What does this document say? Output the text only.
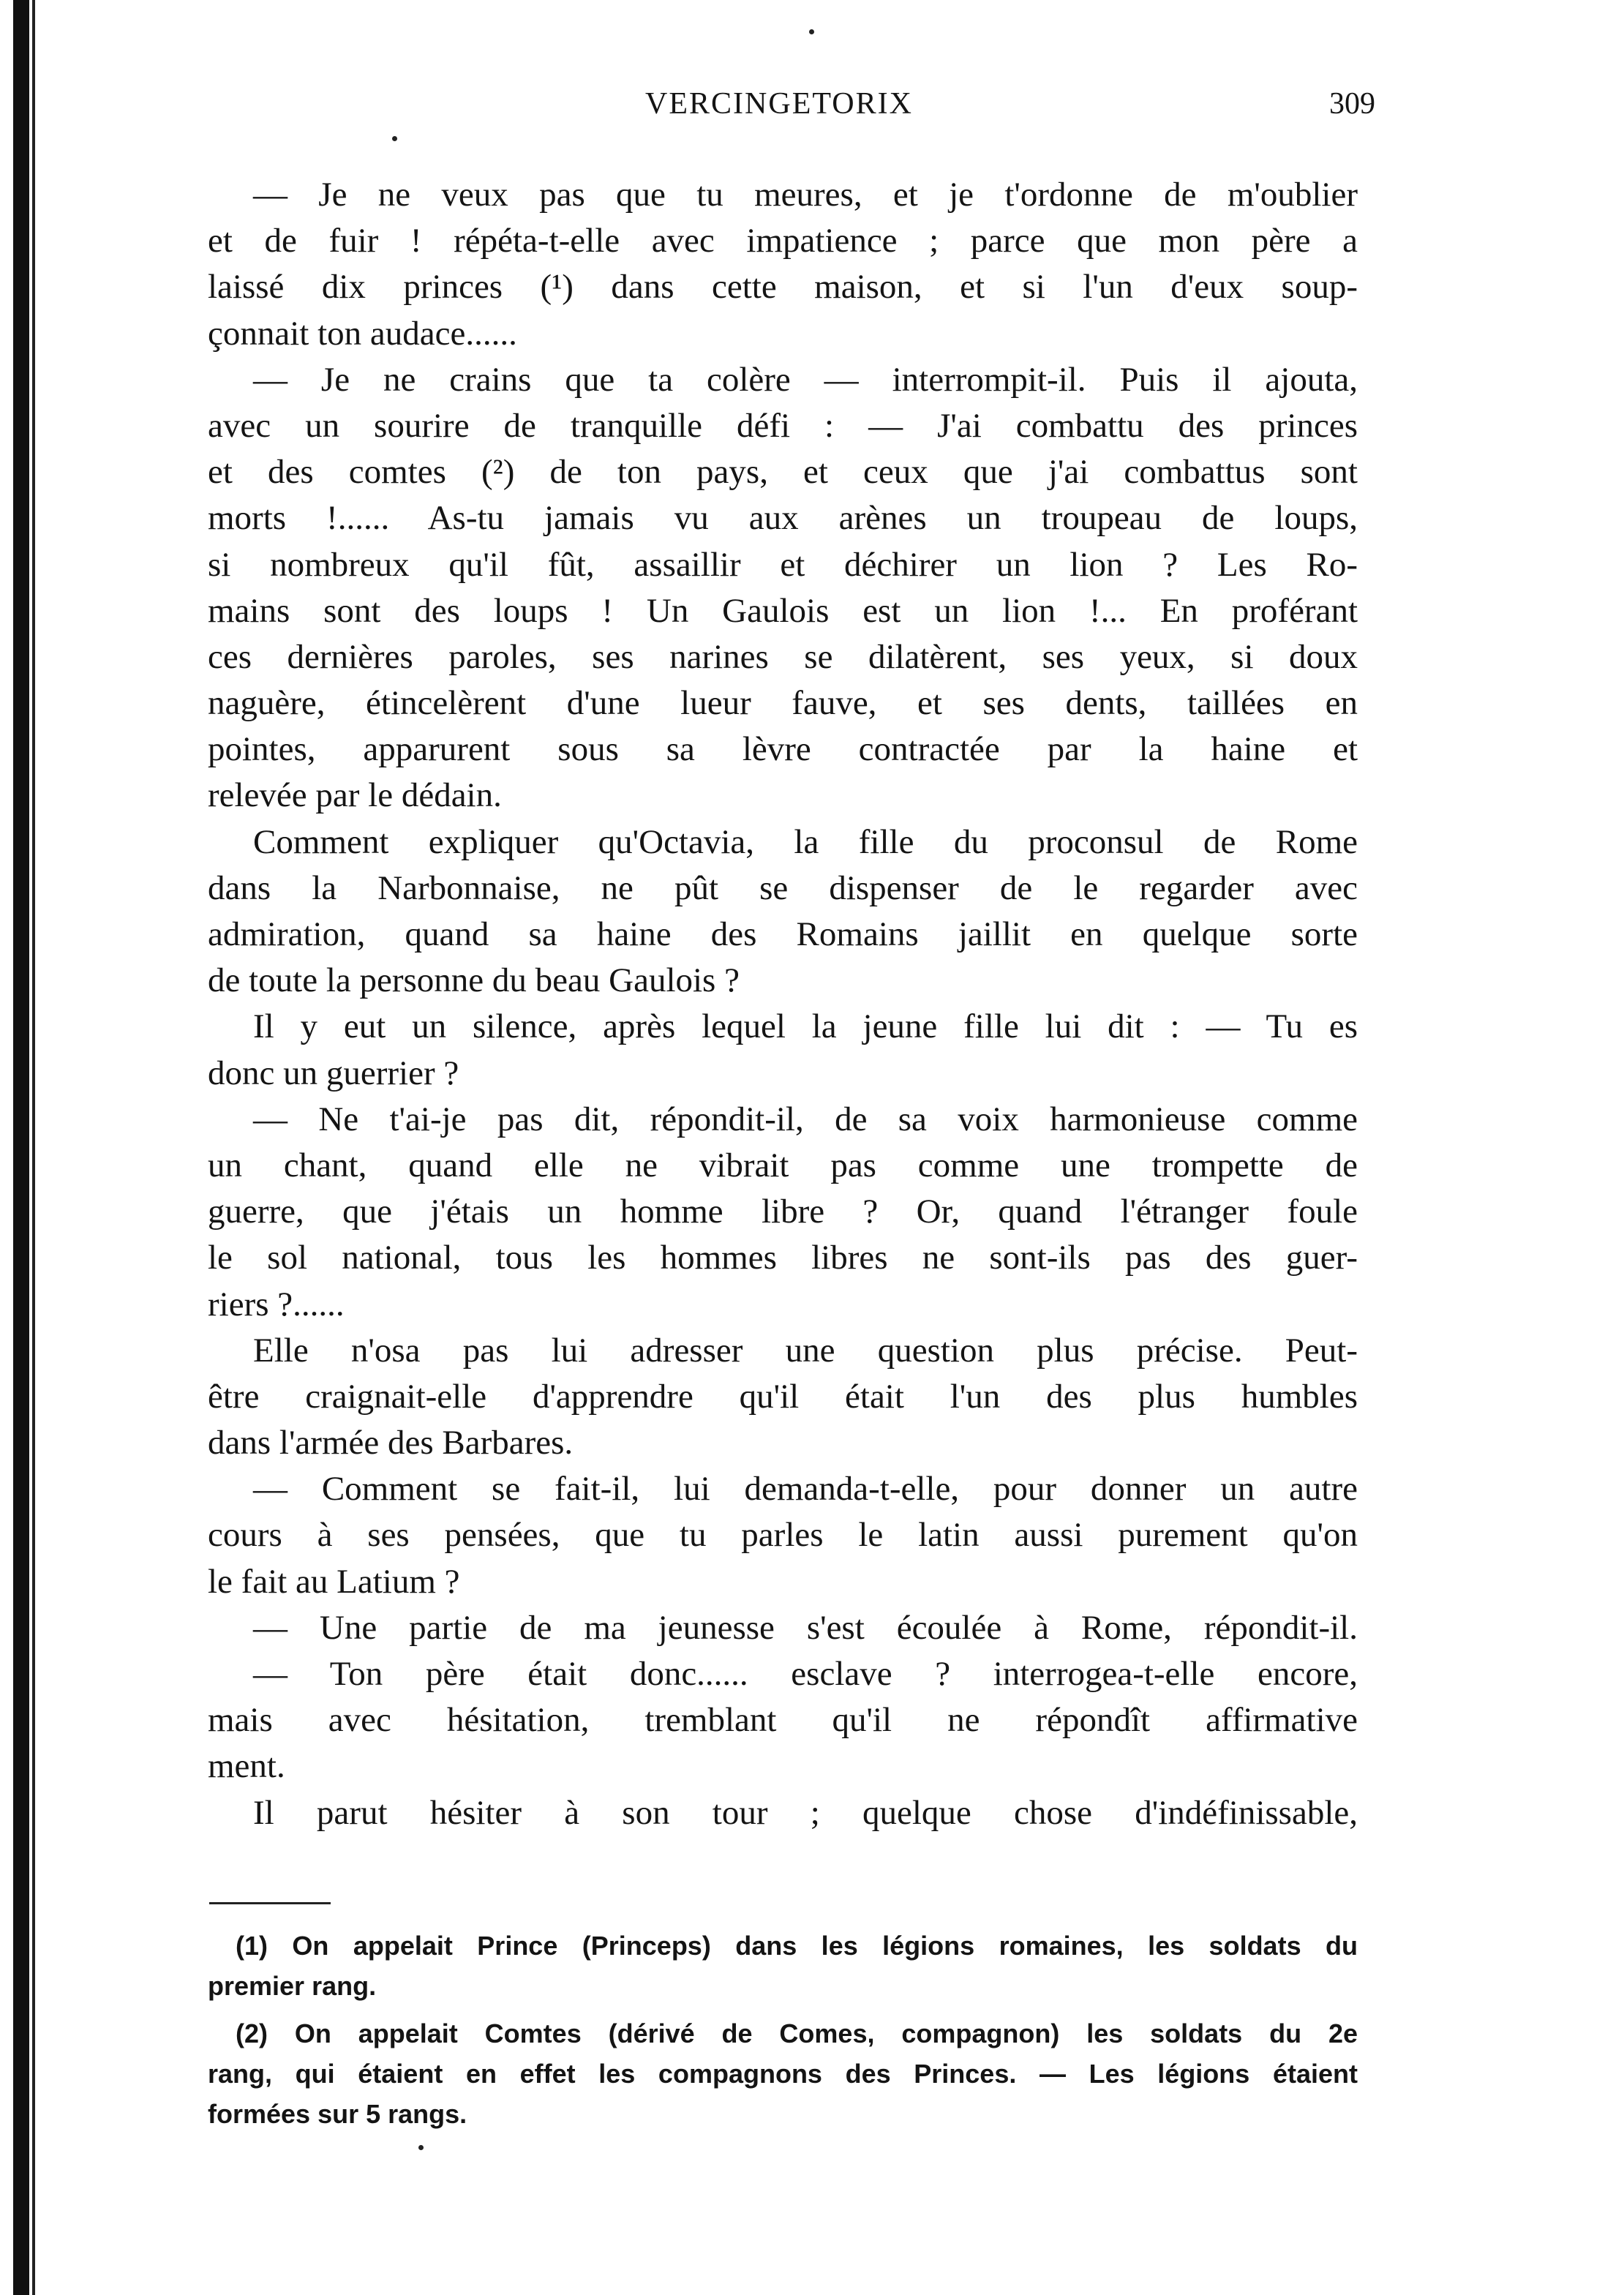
VERCINGETORIX	309
— Je ne veux pas que tu meures, et je t'ordonne de m'oublier
et de fuir ! répéta-t-elle avec impatience ; parce que mon père a
laissé dix princes (¹) dans cette maison, et si l'un d'eux soup-
çonnait ton audace......
— Je ne crains que ta colère — interrompit-il. Puis il ajouta,
avec un sourire de tranquille défi : — J'ai combattu des princes
et des comtes (²) de ton pays, et ceux que j'ai combattus sont
morts !...... As-tu jamais vu aux arènes un troupeau de loups,
si nombreux qu'il fût, assaillir et déchirer un lion ? Les Ro-
mains sont des loups ! Un Gaulois est un lion !... En proférant
ces dernières paroles, ses narines se dilatèrent, ses yeux, si doux
naguère, étincelèrent d'une lueur fauve, et ses dents, taillées en
pointes, apparurent sous sa lèvre contractée par la haine et
relevée par le dédain.
Comment expliquer qu'Octavia, la fille du proconsul de Rome
dans la Narbonnaise, ne pût se dispenser de le regarder avec
admiration, quand sa haine des Romains jaillit en quelque sorte
de toute la personne du beau Gaulois ?
Il y eut un silence, après lequel la jeune fille lui dit : — Tu es
donc un guerrier ?
— Ne t'ai-je pas dit, répondit-il, de sa voix harmonieuse comme
un chant, quand elle ne vibrait pas comme une trompette de
guerre, que j'étais un homme libre ? Or, quand l'étranger foule
le sol national, tous les hommes libres ne sont-ils pas des guer-
riers ?......
Elle n'osa pas lui adresser une question plus précise. Peut-
être craignait-elle d'apprendre qu'il était l'un des plus humbles
dans l'armée des Barbares.
— Comment se fait-il, lui demanda-t-elle, pour donner un autre
cours à ses pensées, que tu parles le latin aussi purement qu'on
le fait au Latium ?
— Une partie de ma jeunesse s'est écoulée à Rome, répondit-il.
— Ton père était donc...... esclave ? interrogea-t-elle encore,
mais avec hésitation, tremblant qu'il ne répondît affirmative
ment.
Il parut hésiter à son tour ; quelque chose d'indéfinissable,
(1) On appelait Prince (Princeps) dans les légions romaines, les soldats du
premier rang.
(2) On appelait Comtes (dérivé de Comes, compagnon) les soldats du 2e
rang, qui étaient en effet les compagnons des Princes. — Les légions étaient
formées sur 5 rangs.
